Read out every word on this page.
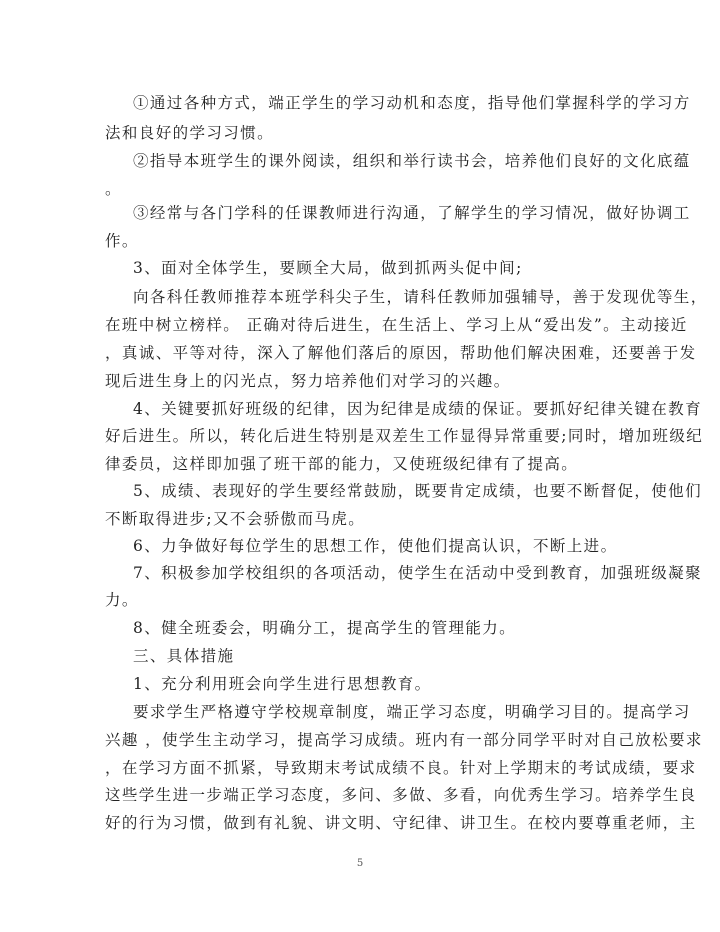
①通过各种方式，端正学生的学习动机和态度，指导他们掌握科学的学习方
法和良好的学习习惯。
②指导本班学生的课外阅读，组织和举行读书会，培养他们良好的文化底蕴
。
③经常与各门学科的任课教师进行沟通，了解学生的学习情况，做好协调工
作。
3、面对全体学生，要顾全大局，做到抓两头促中间;
向各科任教师推荐本班学科尖子生，请科任教师加强辅导，善于发现优等生，
在班中树立榜样。 正确对待后进生，在生活上、学习上从“爱出发”。主动接近
，真诚、平等对待，深入了解他们落后的原因，帮助他们解决困难，还要善于发
现后进生身上的闪光点，努力培养他们对学习的兴趣。
4、关键要抓好班级的纪律，因为纪律是成绩的保证。要抓好纪律关键在教育
好后进生。所以，转化后进生特别是双差生工作显得异常重要;同时，增加班级纪
律委员，这样即加强了班干部的能力，又使班级纪律有了提高。
5、成绩、表现好的学生要经常鼓励，既要肯定成绩，也要不断督促，使他们
不断取得进步;又不会骄傲而马虎。
6、力争做好每位学生的思想工作，使他们提高认识，不断上进。
7、积极参加学校组织的各项活动，使学生在活动中受到教育，加强班级凝聚
力。
8、健全班委会，明确分工，提高学生的管理能力。
三、具体措施
1、充分利用班会向学生进行思想教育。
要求学生严格遵守学校规章制度，端正学习态度，明确学习目的。提高学习
兴趣 ，使学生主动学习，提高学习成绩。班内有一部分同学平时对自己放松要求
，在学习方面不抓紧，导致期末考试成绩不良。针对上学期末的考试成绩，要求
这些学生进一步端正学习态度，多问、多做、多看，向优秀生学习。培养学生良
好的行为习惯，做到有礼貌、讲文明、守纪律、讲卫生。在校内要尊重老师，主
5
